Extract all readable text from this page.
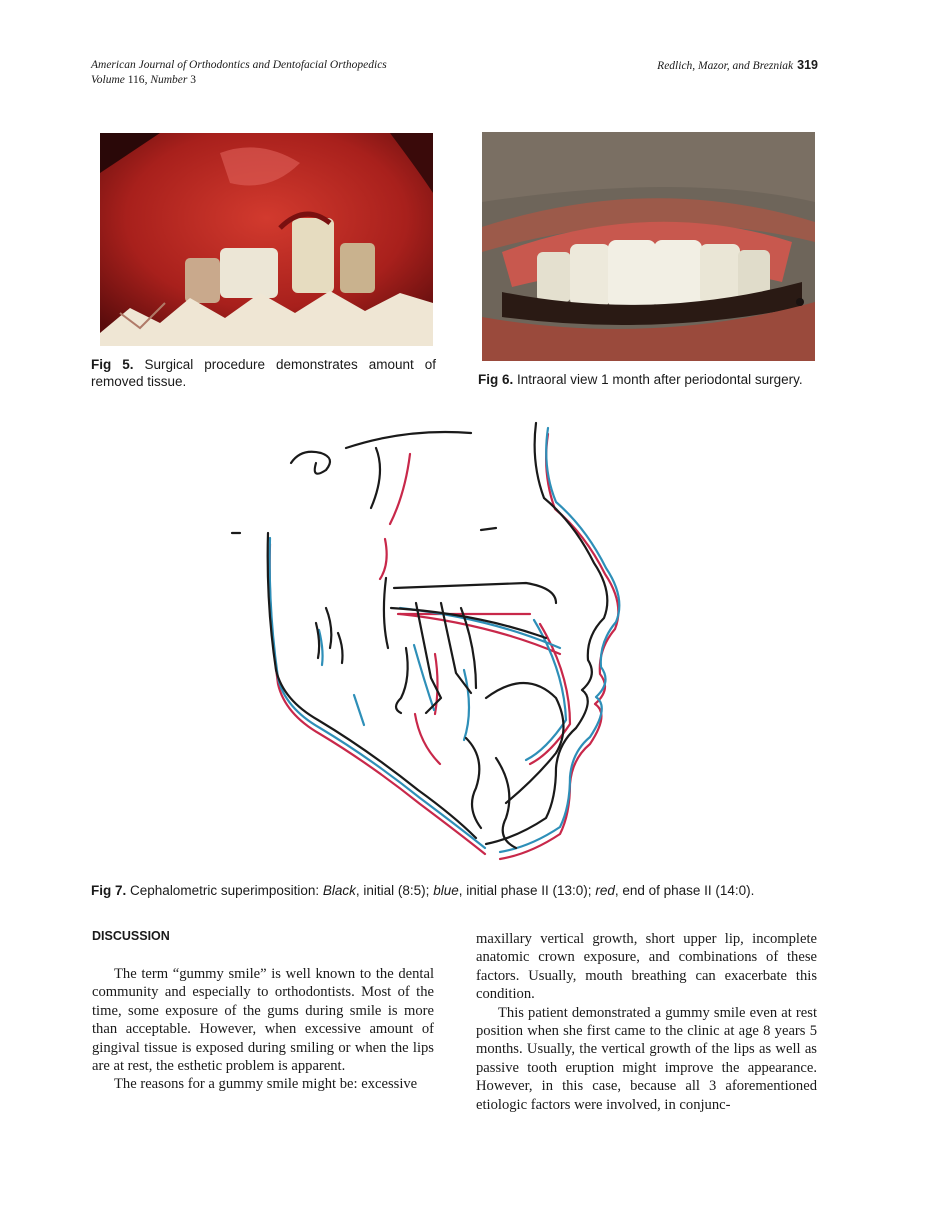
American Journal of Orthodontics and Dentofacial Orthopedics
Volume 116, Number 3
Redlich, Mazor, and Brezniak 319
Fig 5. Surgical procedure demonstrates amount of removed tissue.	Fig 6. Intraoral view 1 month after periodontal surgery.
Fig 7. Cephalometric superimposition: Black, initial (8:5); blue, initial phase II (13:0); red, end of phase II (14:0).
DISCUSSION

The term “gummy smile” is well known to the dental community and especially to orthodontists. Most of the time, some exposure of the gums during smile is more than acceptable. However, when excessive amount of gingival tissue is exposed during smiling or when the lips are at rest, the esthetic problem is apparent.

The reasons for a gummy smile might be: excessive

maxillary vertical growth, short upper lip, incomplete anatomic crown exposure, and combinations of these factors. Usually, mouth breathing can exacerbate this condition.

This patient demonstrated a gummy smile even at rest position when she first came to the clinic at age 8 years 5 months. Usually, the vertical growth of the lips as well as passive tooth eruption might improve the appearance. However, in this case, because all 3 aforementioned etiologic factors were involved, in conjunc-
